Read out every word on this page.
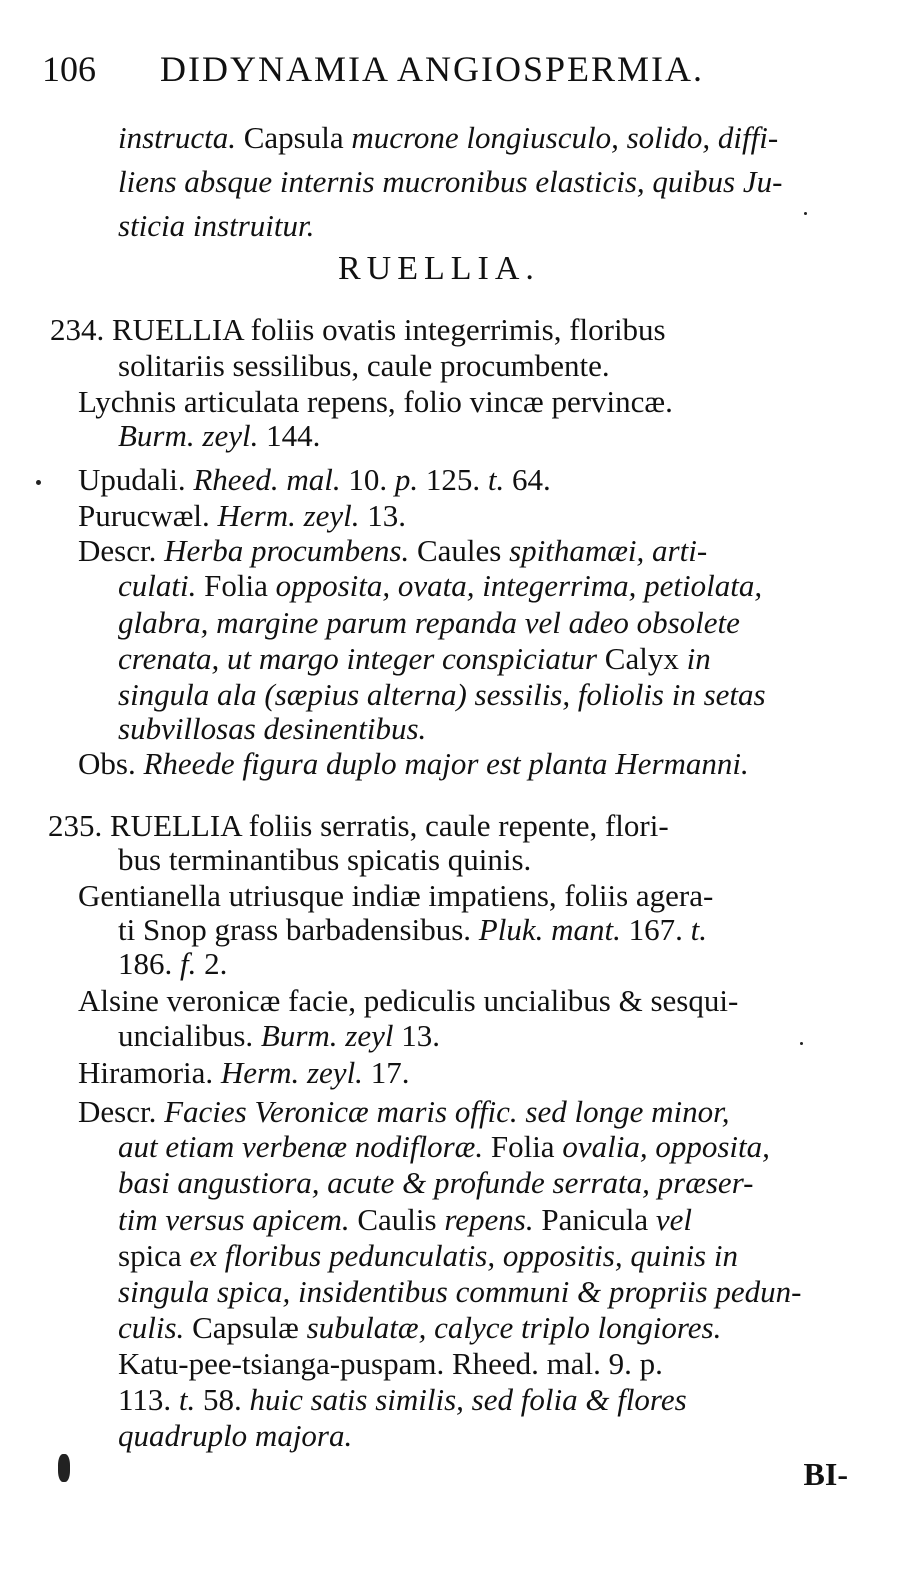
106 DIDYNAMIA ANGIOSPERMIA.
instructa. Capsula mucrone longiusculo, solido, diffi-
liens absque internis mucronibus elasticis, quibus Ju-
sticia instruitur.
RUELLIA.
234. RUELLIA foliis ovatis integerrimis, floribus
solitariis sessilibus, caule procumbente.
Lychnis articulata repens, folio vincæ pervincæ.
Burm. zeyl. 144.
Upudali. Rheed. mal. 10. p. 125. t. 64.
Purucwæl. Herm. zeyl. 13.
Descr. Herba procumbens. Caules spithamæi, arti-
culati. Folia opposita, ovata, integerrima, petiolata,
glabra, margine parum repanda vel adeo obsolete
crenata, ut margo integer conspiciatur Calyx in
singula ala (sæpius alterna) sessilis, foliolis in setas
subvillosas desinentibus.
Obs. Rheede figura duplo major est planta Hermanni.
235. RUELLIA foliis serratis, caule repente, flori-
bus terminantibus spicatis quinis.
Gentianella utriusque indiæ impatiens, foliis agera-
ti Snop grass barbadensibus. Pluk. mant. 167. t.
186. f. 2.
Alsine veronicæ facie, pediculis uncialibus & sesqui-
uncialibus. Burm. zeyl 13.
Hiramoria. Herm. zeyl. 17.
Descr. Facies Veronicæ maris offic. sed longe minor,
aut etiam verbenæ nodifloræ. Folia ovalia, opposita,
basi angustiora, acute & profunde serrata, præser-
tim versus apicem. Caulis repens. Panicula vel
spica ex floribus pedunculatis, oppositis, quinis in
singula spica, insidentibus communi & propriis pedun-
culis. Capsulæ subulatæ, calyce triplo longiores.
Katu-pee-tsianga-puspam. Rheed. mal. 9. p.
113. t. 58. huic satis similis, sed folia & flores
quadruplo majora.
BI-
